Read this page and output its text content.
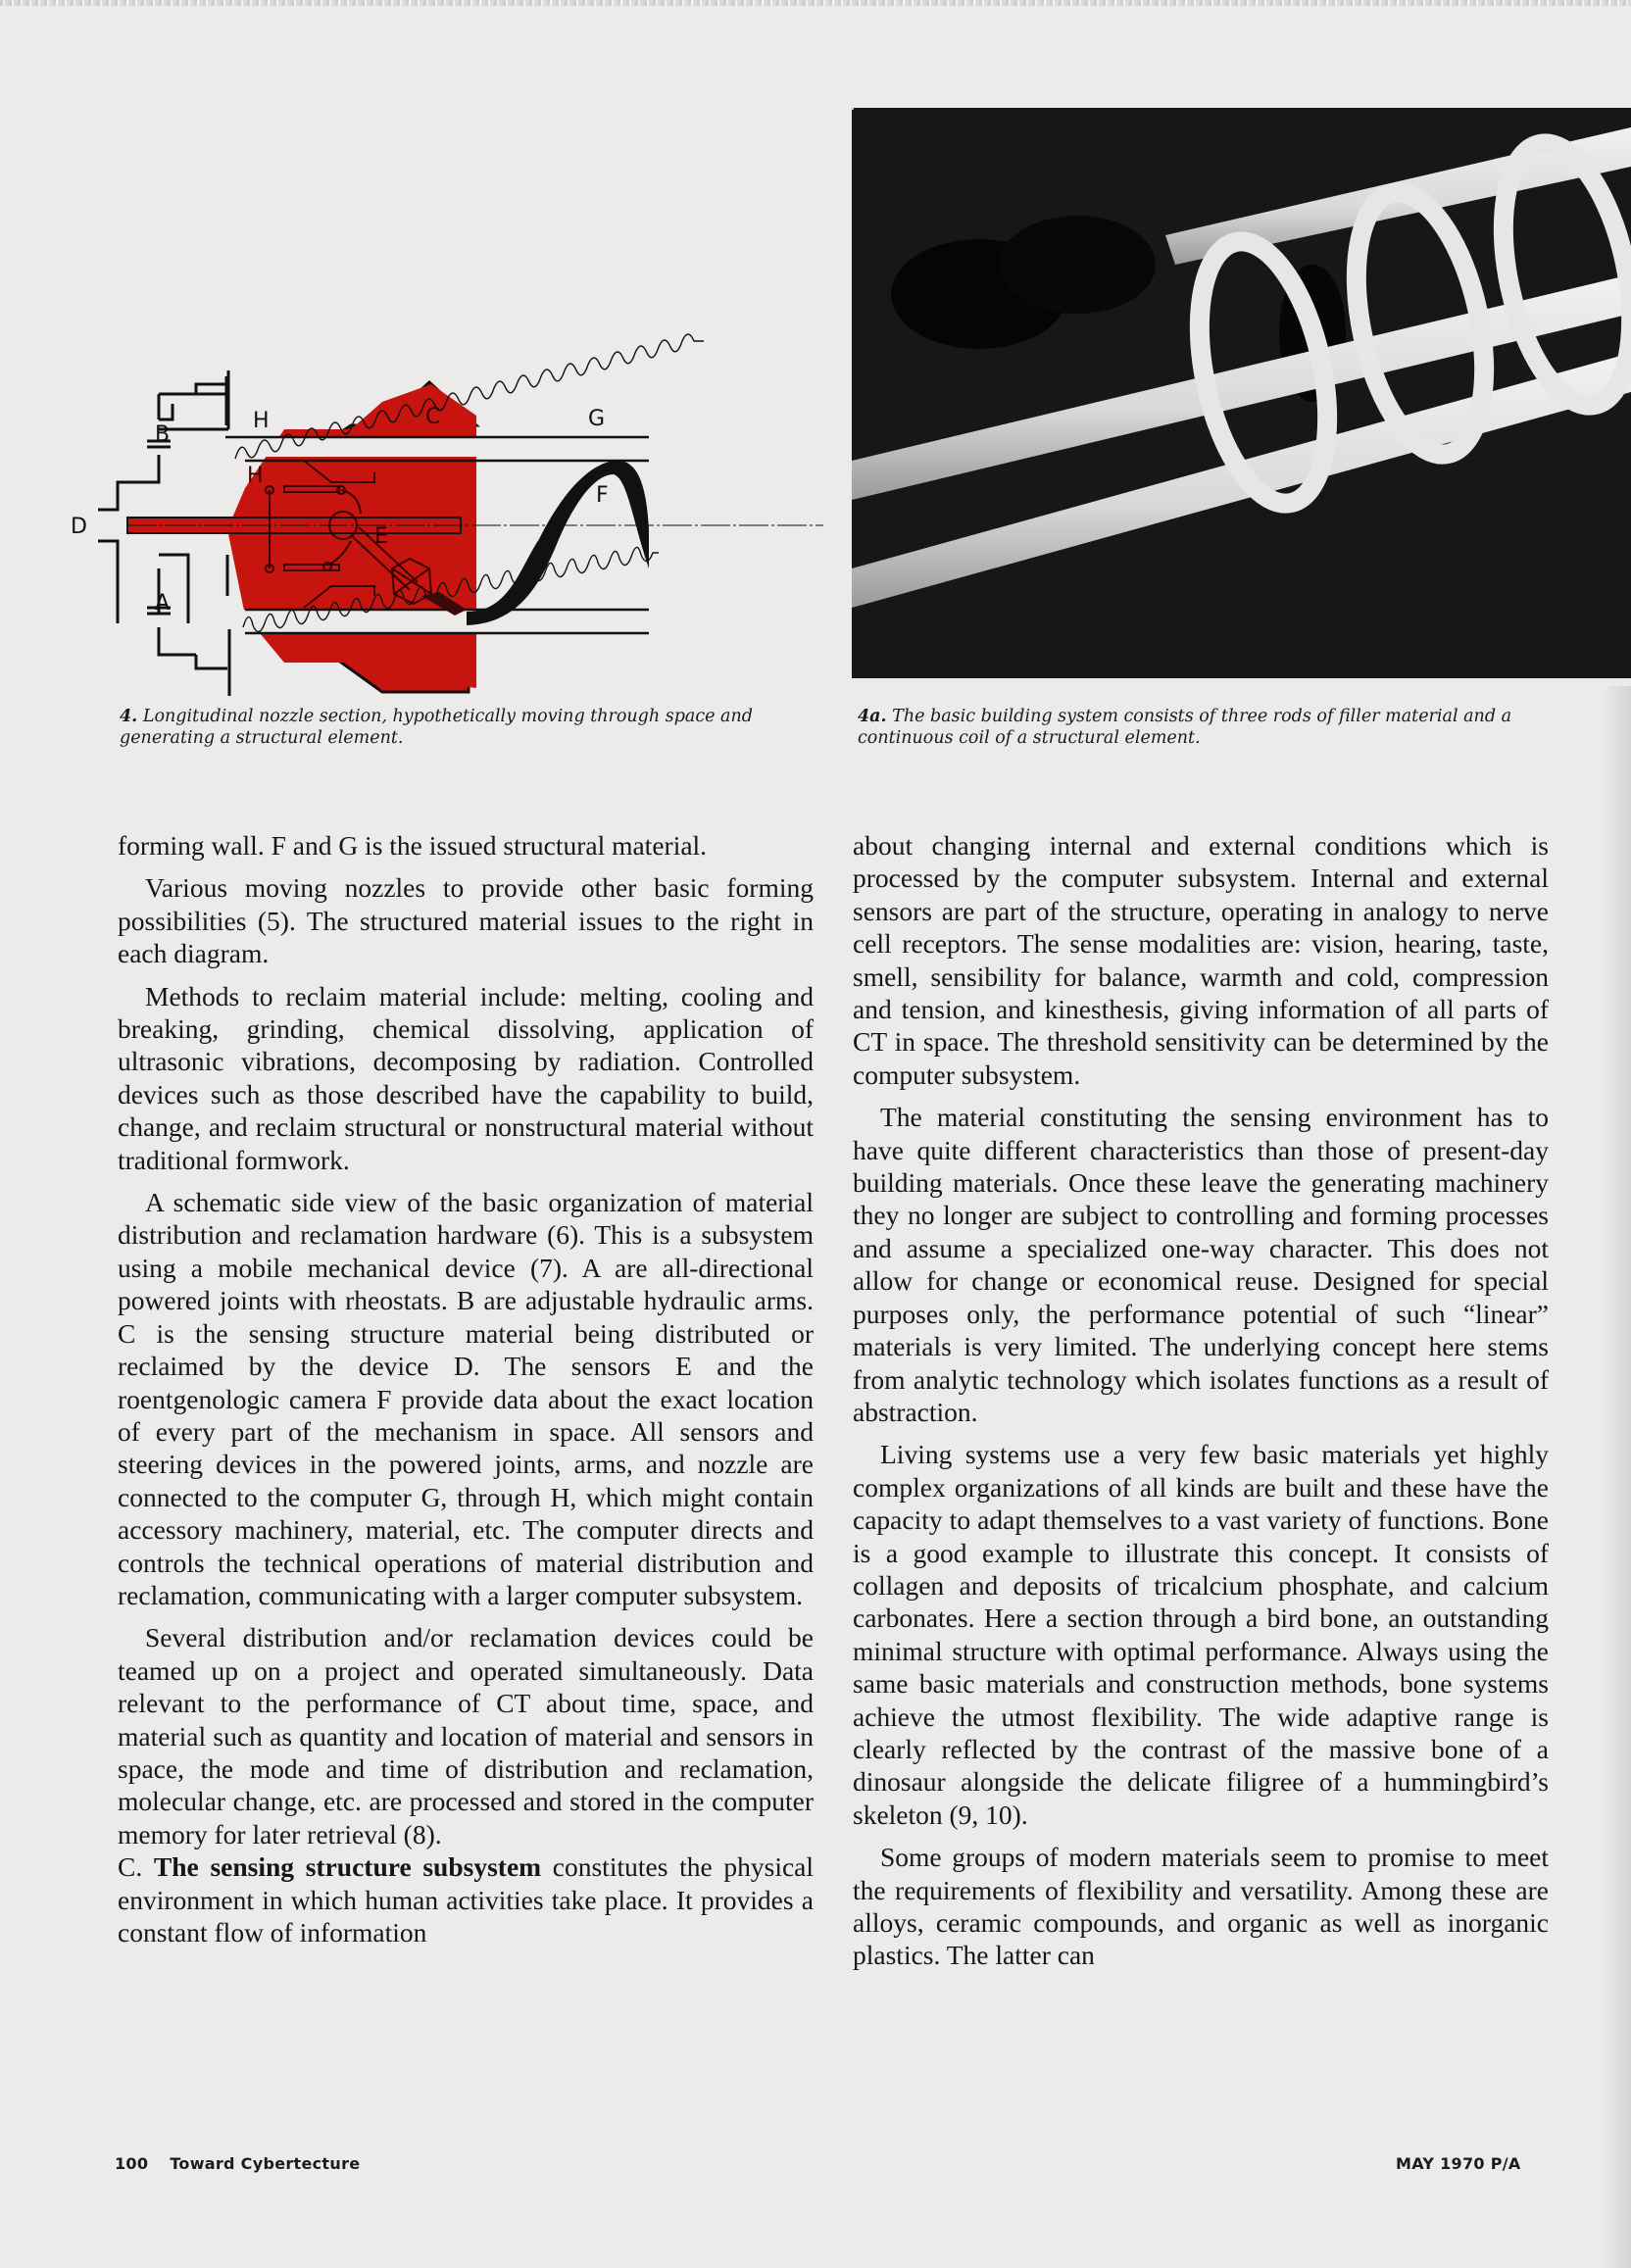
B
D
A
H	G
F
C
H
E
4. Longitudinal nozzle section, hypothetically moving through space and generating a structural element.
4a. The basic building system consists of three rods of filler material and a continuous coil of a structural element.

forming wall. F and G is the issued structural material.

Various moving nozzles to provide other basic forming possibilities (5). The structured material issues to the right in each diagram.

Methods to reclaim material include: melting, cooling and breaking, grinding, chemical dissolving, application of ultrasonic vibrations, decomposing by radiation. Controlled devices such as those described have the capability to build, change, and reclaim structural or nonstructural material without traditional formwork.

A schematic side view of the basic organization of material distribution and reclamation hardware (6). This is a subsystem using a mobile mechanical device (7). A are all-directional powered joints with rheostats. B are adjustable hydraulic arms. C is the sensing structure material being distributed or reclaimed by the device D. The sensors E and the roentgenologic camera F provide data about the exact location of every part of the mechanism in space. All sensors and steering devices in the powered joints, arms, and nozzle are connected to the computer G, through H, which might contain accessory machinery, material, etc. The computer directs and controls the technical operations of material distribution and reclamation, communicating with a larger computer subsystem.

Several distribution and/or reclamation devices could be teamed up on a project and operated simultaneously. Data relevant to the performance of CT about time, space, and material such as quantity and location of material and sensors in space, the mode and time of distribution and reclamation, molecular change, etc. are processed and stored in the computer memory for later retrieval (8).

C. The sensing structure subsystem constitutes the physical environment in which human activities take place. It provides a constant flow of information

about changing internal and external conditions which is processed by the computer subsystem. Internal and external sensors are part of the structure, operating in analogy to nerve cell receptors. The sense modalities are: vision, hearing, taste, smell, sensibility for balance, warmth and cold, compression and tension, and kinesthesis, giving information of all parts of CT in space. The threshold sensitivity can be determined by the computer subsystem.

The material constituting the sensing environment has to have quite different characteristics than those of present-day building materials. Once these leave the generating machinery they no longer are subject to controlling and forming processes and assume a specialized one-way character. This does not allow for change or economical reuse. Designed for special purposes only, the performance potential of such “linear” materials is very limited. The underlying concept here stems from analytic technology which isolates functions as a result of abstraction.

Living systems use a very few basic materials yet highly complex organizations of all kinds are built and these have the capacity to adapt themselves to a vast variety of functions. Bone is a good example to illustrate this concept. It consists of collagen and deposits of tricalcium phosphate, and calcium carbonates. Here a section through a bird bone, an outstanding minimal structure with optimal performance. Always using the same basic materials and construction methods, bone systems achieve the utmost flexibility. The wide adaptive range is clearly reflected by the contrast of the massive bone of a dinosaur alongside the delicate filigree of a hummingbird’s skeleton (9, 10).

Some groups of modern materials seem to promise to meet the requirements of flexibility and versatility. Among these are alloys, ceramic compounds, and organic as well as inorganic plastics. The latter can

100 Toward Cybertecture	MAY 1970 P/A
